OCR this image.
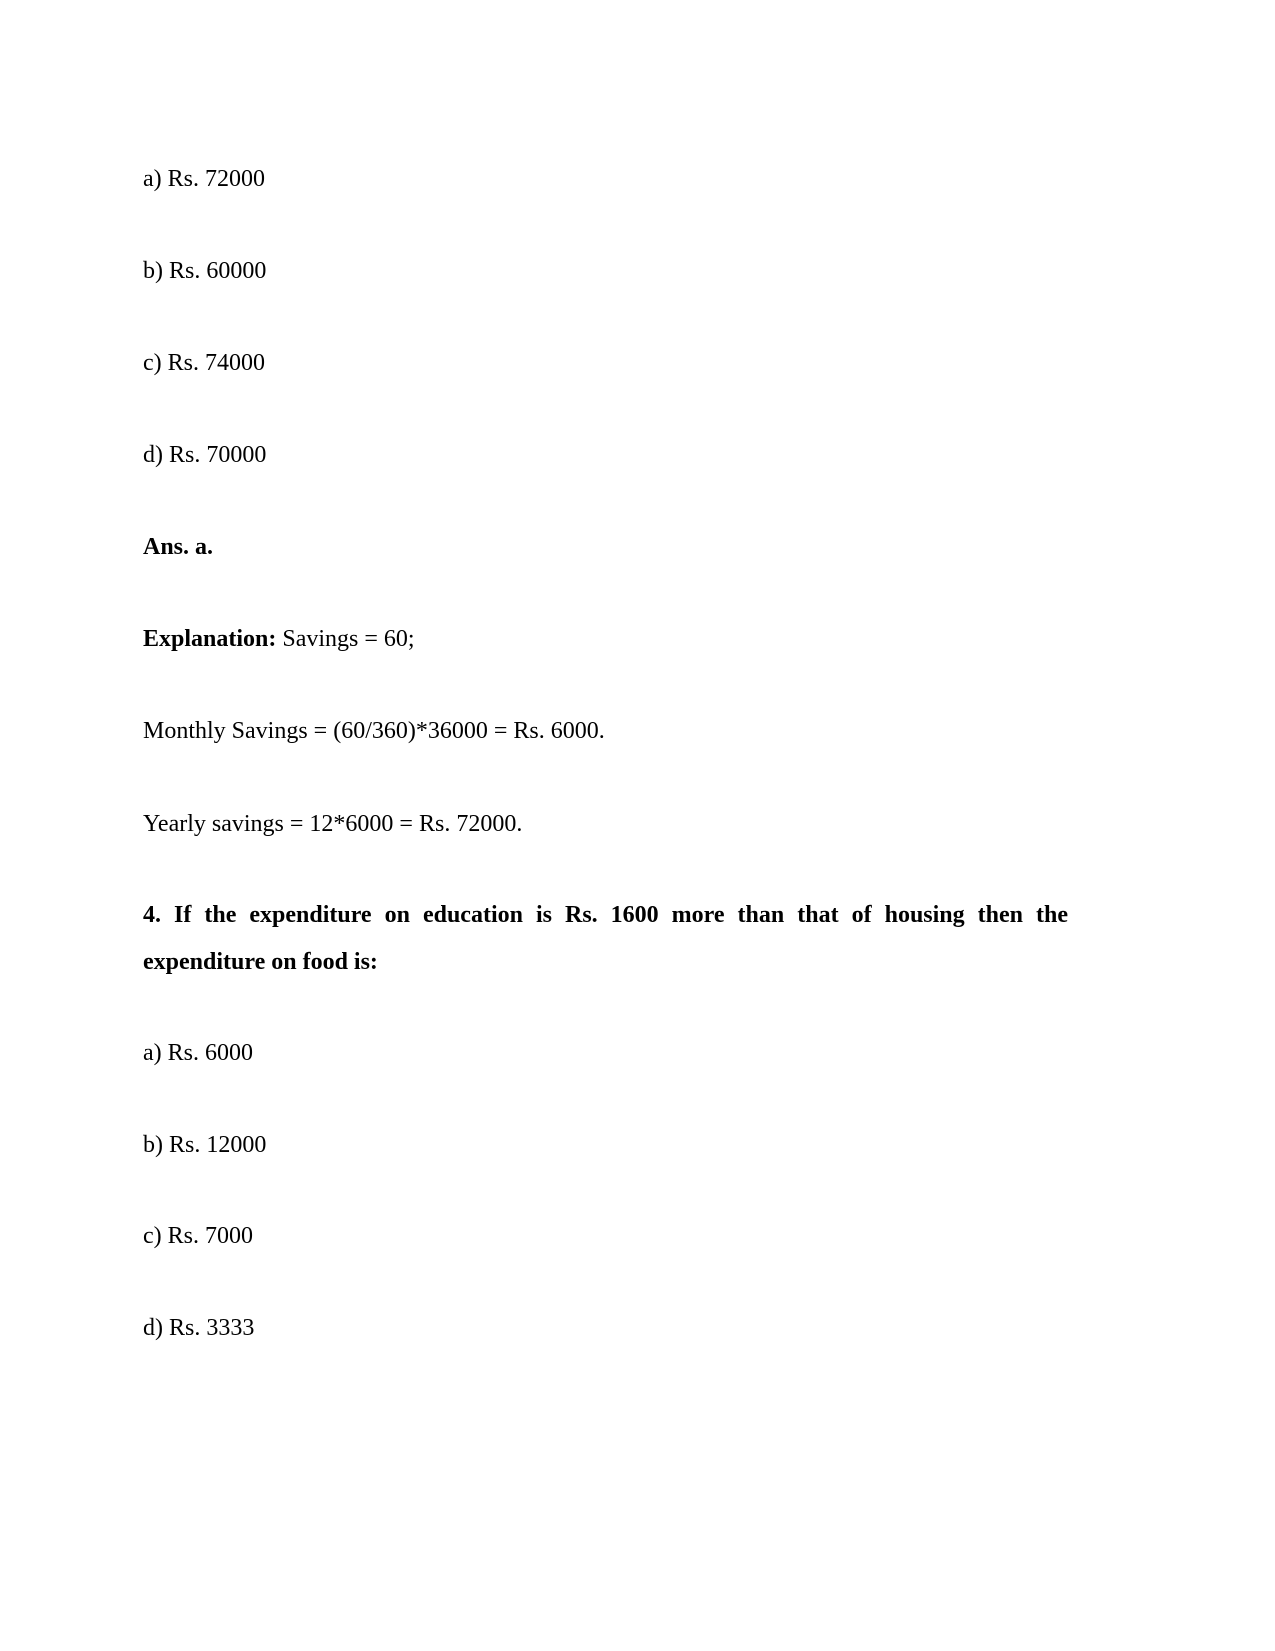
a) Rs. 72000
b) Rs. 60000
c) Rs. 74000
d) Rs. 70000
Ans. a.
Explanation: Savings = 60;
Monthly Savings = (60/360)*36000 = Rs. 6000.
Yearly savings = 12*6000 = Rs. 72000.
4. If the expenditure on education is Rs. 1600 more than that of housing then the
expenditure on food is:
a) Rs. 6000
b) Rs. 12000
c) Rs. 7000
d) Rs. 3333
